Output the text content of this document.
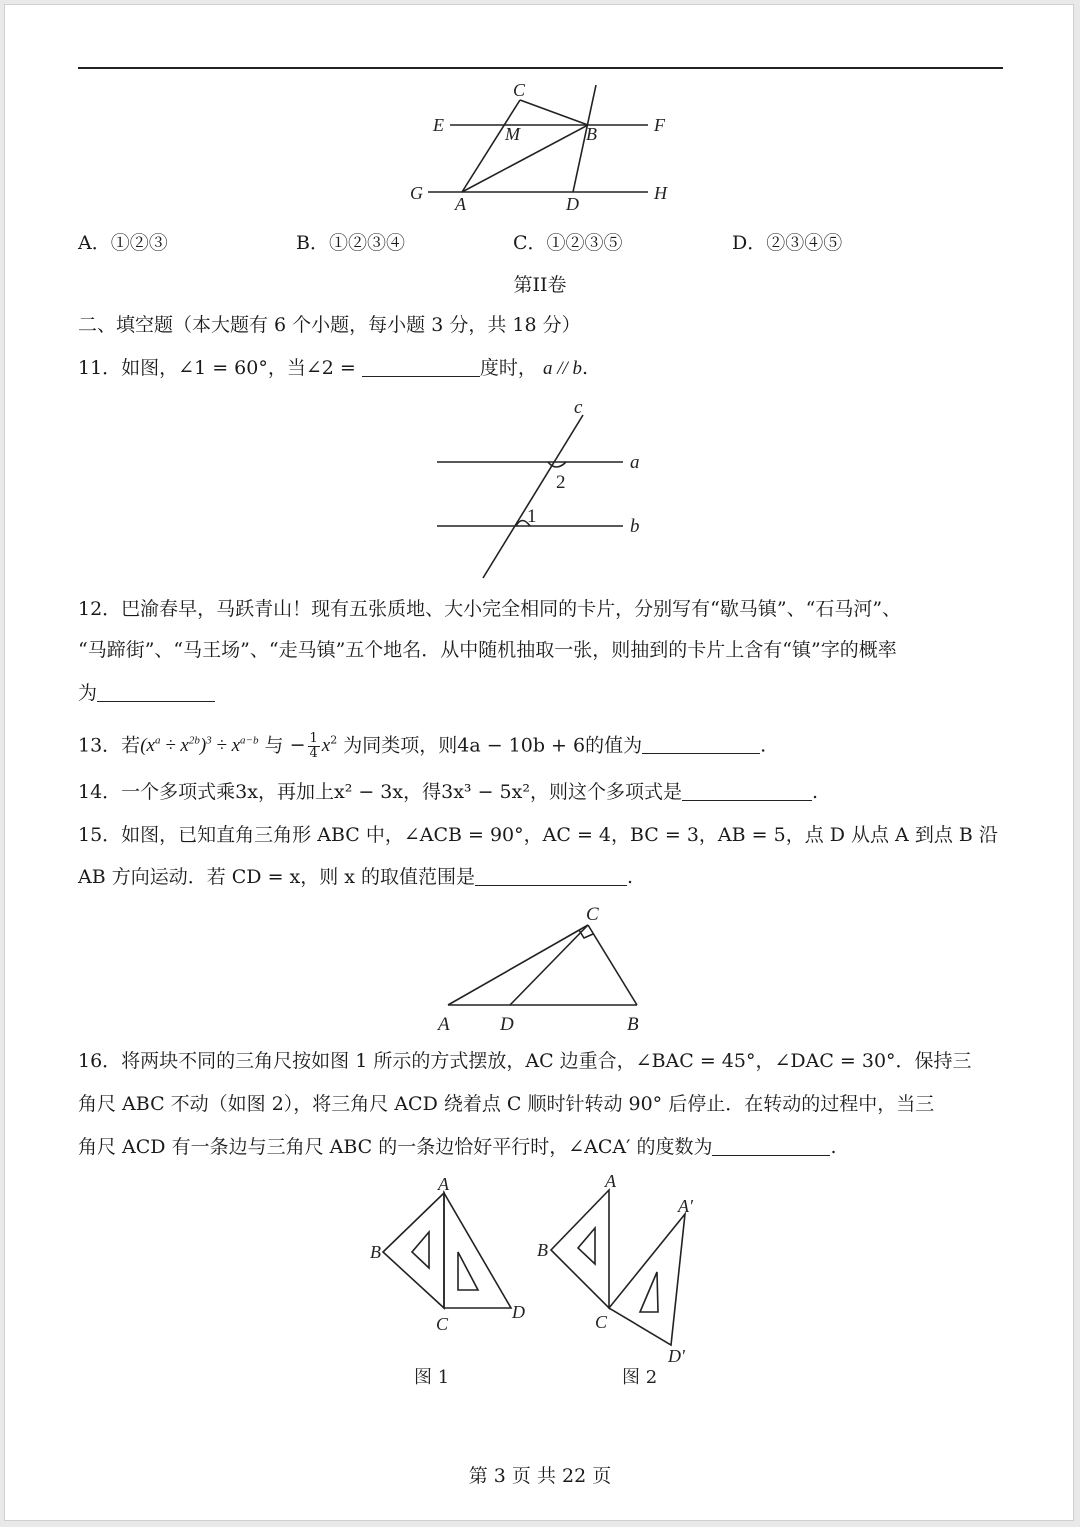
C
E	F
M	B
G	H
A	D
A．①②③	B．①②③④	C．①②③⑤	D．②③④⑤
第II卷
二、填空题（本大题有 6 个小题，每小题 3 分，共 18 分）
11．如图，∠1 = 60°，当∠2 =	度时， a // b.
c
a
2
1	b
12．巴渝春早，马跃青山！现有五张质地、大小完全相同的卡片，分别写有“歇马镇”、“石马河”、
“马蹄街”、“马王场”、“走马镇”五个地名．从中随机抽取一张，则抽到的卡片上含有“镇”字的概率
为
13．若$(x^a \div x^{2b})^3 \div x^{a-b}$ 与 − $\frac{1}{4} x^2$ 为同类项，则4a − 10b + 6的值为	.
14．一个多项式乘3x，再加上x² − 3x，得3x³ − 5x²，则这个多项式是	.
15．如图，已知直角三角形 ABC 中，∠ACB = 90°，AC = 4，BC = 3，AB = 5，点 D 从点 A 到点 B 沿
AB 方向运动．若 CD = x，则 x 的取值范围是	.
C
A	D	B
16．将两块不同的三角尺按如图 1 所示的方式摆放，AC 边重合，∠BAC = 45°，∠DAC = 30°．保持三
角尺 ABC 不动（如图 2），将三角尺 ACD 绕着点 C 顺时针转动 90° 后停止．在转动的过程中，当三
角尺 ACD 有一条边与三角尺 ABC 的一条边恰好平行时，∠ACA′ 的度数为	.
A
B
C
D
A
A′
B
C
D′
图 1	图 2
第 3 页 共 22 页
